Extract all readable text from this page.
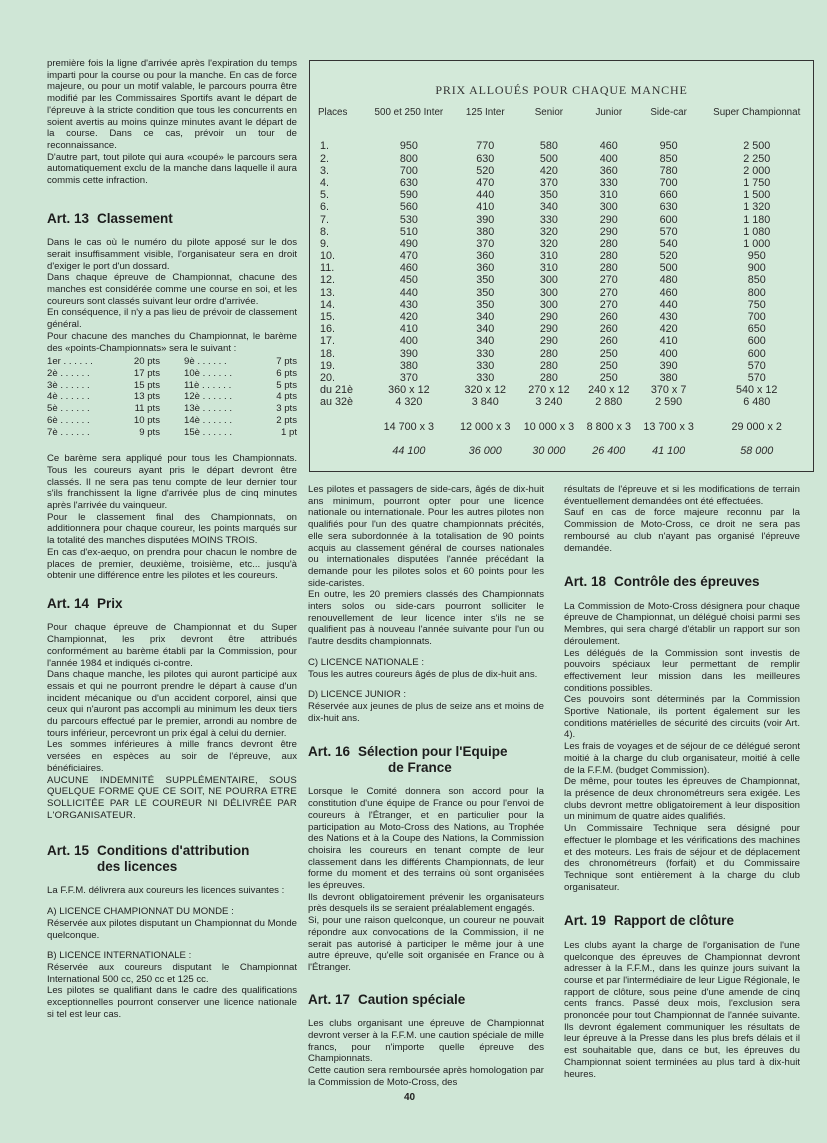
première fois la ligne d'arrivée après l'expiration du temps imparti pour la course ou pour la manche. En cas de force majeure, ou pour un motif valable, le parcours pourra être modifié par les Commissaires Sportifs avant le départ de l'épreuve à la stricte condition que tous les concurrents en soient avertis au moins quinze minutes avant le départ de la course. Dans ce cas, prévoir un tour de reconnaissance.

D'autre part, tout pilote qui aura «coupé» le parcours sera automatiquement exclu de la manche dans laquelle il aura commis cette infraction.

Art. 13 Classement

Dans le cas où le numéro du pilote apposé sur le dos serait insuffisamment visible, l'organisateur sera en droit d'exiger le port d'un dossard.

Dans chaque épreuve de Championnat, chacune des manches est considérée comme une course en soi, et les coureurs sont classés suivant leur ordre d'arrivée.

En conséquence, il n'y a pas lieu de prévoir de classement général.

Pour chacune des manches du Championnat, le barème des «points-Championnats» sera le suivant :

1er . . . . . .	20 pts
2è . . . . . .	17 pts
3è . . . . . .	15 pts
4è . . . . . .	13 pts
5è . . . . . .	11 pts
6è . . . . . .	10 pts
7è . . . . . .	9 pts
9è . . . . . .	7 pts
10è . . . . . .	6 pts
11è . . . . . .	5 pts
12è . . . . . .	4 pts
13è . . . . . .	3 pts
14è . . . . . .	2 pts
15è . . . . . .	1 pt

Ce barème sera appliqué pour tous les Championnats. Tous les coureurs ayant pris le départ devront être classés. Il ne sera pas tenu compte de leur dernier tour s'ils franchissent la ligne d'arrivée plus de cinq minutes après l'arrivée du vainqueur.

Pour le classement final des Championnats, on additionnera pour chaque coureur, les points marqués sur la totalité des manches disputées MOINS TROIS.

En cas d'ex-aequo, on prendra pour chacun le nombre de places de premier, deuxième, troisième, etc... jusqu'à obtenir une différence entre les pilotes et les coureurs.

Art. 14 Prix

Pour chaque épreuve de Championnat et du Super Championnat, les prix devront être attribués conformément au barème établi par la Commission, pour l'année 1984 et indiqués ci-contre.

Dans chaque manche, les pilotes qui auront participé aux essais et qui ne pourront prendre le départ à cause d'un incident mécanique ou d'un accident corporel, ainsi que ceux qui n'auront pas accompli au minimum les deux tiers du parcours effectué par le premier, arrondi au nombre de tours inférieur, percevront un prix égal à celui du dernier.

Les sommes inférieures à mille francs devront être versées en espèces au soir de l'épreuve, aux bénéficiaires.

AUCUNE INDEMNITÉ SUPPLÉMENTAIRE, SOUS QUELQUE FORME QUE CE SOIT, NE POURRA ETRE SOLLICITÉE PAR LE COUREUR NI DÉLIVRÉE PAR L'ORGANISATEUR.

Art. 15 Conditions d'attribution
des licences

La F.F.M. délivrera aux coureurs les licences suivantes :

A) LICENCE CHAMPIONNAT DU MONDE :

Réservée aux pilotes disputant un Championnat du Monde quelconque.

B) LICENCE INTERNATIONALE :

Réservée aux coureurs disputant le Championnat International 500 cc, 250 cc et 125 cc.

Les pilotes se qualifiant dans le cadre des qualifications exceptionnelles pourront conserver une licence nationale si tel est leur cas.

PRIX ALLOUÉS POUR CHAQUE MANCHE
Places	500 et 250 Inter	125 Inter	Senior	Junior	Side-car	Super Championnat
1.	950	770	580	460	950	2 500
2.	800	630	500	400	850	2 250
3.	700	520	420	360	780	2 000
4.	630	470	370	330	700	1 750
5.	590	440	350	310	660	1 500
6.	560	410	340	300	630	1 320
7.	530	390	330	290	600	1 180
8.	510	380	320	290	570	1 080
9.	490	370	320	280	540	1 000
10.	470	360	310	280	520	950
11.	460	360	310	280	500	900
12.	450	350	300	270	480	850
13.	440	350	300	270	460	800
14.	430	350	300	270	440	750
15.	420	340	290	260	430	700
16.	410	340	290	260	420	650
17.	400	340	290	260	410	600
18.	390	330	280	250	400	600
19.	380	330	280	250	390	570
20.	370	330	280	250	380	570
du 21è	360 x 12	320 x 12	270 x 12	240 x 12	370 x 7	540 x 12
au 32è	4 320	3 840	3 240	2 880	2 590	6 480
	14 700 x 3	12 000 x 3	10 000 x 3	8 800 x 3	13 700 x 3	29 000 x 2
	44 100	36 000	30 000	26 400	41 100	58 000

Les pilotes et passagers de side-cars, âgés de dix-huit ans minimum, pourront opter pour une licence nationale ou internationale. Pour les autres pilotes non qualifiés pour l'un des quatre championnats précités, elle sera subordonnée à la totalisation de 90 points acquis au classement général de courses nationales ou internationales disputées l'année précédant la demande pour les pilotes solos et 60 points pour les side-caristes.

En outre, les 20 premiers classés des Championnats inters solos ou side-cars pourront solliciter le renouvellement de leur licence inter s'ils ne se qualifient pas à nouveau l'année suivante pour l'un ou l'autre desdits championnats.

C) LICENCE NATIONALE :

Tous les autres coureurs âgés de plus de dix-huit ans.

D) LICENCE JUNIOR :

Réservée aux jeunes de plus de seize ans et moins de dix-huit ans.

Art. 16 Sélection pour l'Equipe
de France

Lorsque le Comité donnera son accord pour la constitution d'une équipe de France ou pour l'envoi de coureurs à l'Étranger, et en particulier pour la participation au Moto-Cross des Nations, au Trophée des Nations et à la Coupe des Nations, la Commission choisira les coureurs en tenant compte de leur classement dans les différents Championnats, de leur forme du moment et des terrains où sont organisées les épreuves.

Ils devront obligatoirement prévenir les organisateurs près desquels ils se seraient préalablement engagés.

Si, pour une raison quelconque, un coureur ne pouvait répondre aux convocations de la Commission, il ne serait pas autorisé à participer le même jour à une autre épreuve, qu'elle soit organisée en France ou à l'Étranger.

Art. 17 Caution spéciale

Les clubs organisant une épreuve de Championnat devront verser à la F.F.M. une caution spéciale de mille francs, pour n'importe quelle épreuve des Championnats.

Cette caution sera remboursée après homologation par la Commission de Moto-Cross, des

résultats de l'épreuve et si les modifications de terrain éventuellement demandées ont été effectuées.

Sauf en cas de force majeure reconnu par la Commission de Moto-Cross, ce droit ne sera pas remboursé au club n'ayant pas organisé l'épreuve demandée.

Art. 18 Contrôle des épreuves

La Commission de Moto-Cross désignera pour chaque épreuve de Championnat, un délégué choisi parmi ses Membres, qui sera chargé d'établir un rapport sur son déroulement.

Les délégués de la Commission sont investis de pouvoirs spéciaux leur permettant de remplir effectivement leur mission dans les meilleures conditions possibles.

Ces pouvoirs sont déterminés par la Commission Sportive Nationale, ils portent également sur les conditions matérielles de sécurité des circuits (voir Art. 4).

Les frais de voyages et de séjour de ce délégué seront moitié à la charge du club organisateur, moitié à celle de la F.F.M. (budget Commission).

De même, pour toutes les épreuves de Championnat, la présence de deux chronométreurs sera exigée. Les clubs devront mettre obligatoirement à leur disposition un minimum de quatre aides qualifiés.

Un Commissaire Technique sera désigné pour effectuer le plombage et les vérifications des machines et des moteurs. Les frais de séjour et de déplacement des chronométreurs (forfait) et du Commissaire Technique sont entièrement à la charge du club organisateur.

Art. 19 Rapport de clôture

Les clubs ayant la charge de l'organisation de l'une quelconque des épreuves de Championnat devront adresser à la F.F.M., dans les quinze jours suivant la course et par l'intermédiaire de leur Ligue Régionale, le rapport de clôture, sous peine d'une amende de cinq cents francs. Passé deux mois, l'exclusion sera prononcée pour tout Championnat de l'année suivante. Ils devront également communiquer les résultats de leur épreuve à la Presse dans les plus brefs délais et il est souhaitable que, dans ce but, les épreuves du Championnat soient terminées au plus tard à dix-huit heures.

40
